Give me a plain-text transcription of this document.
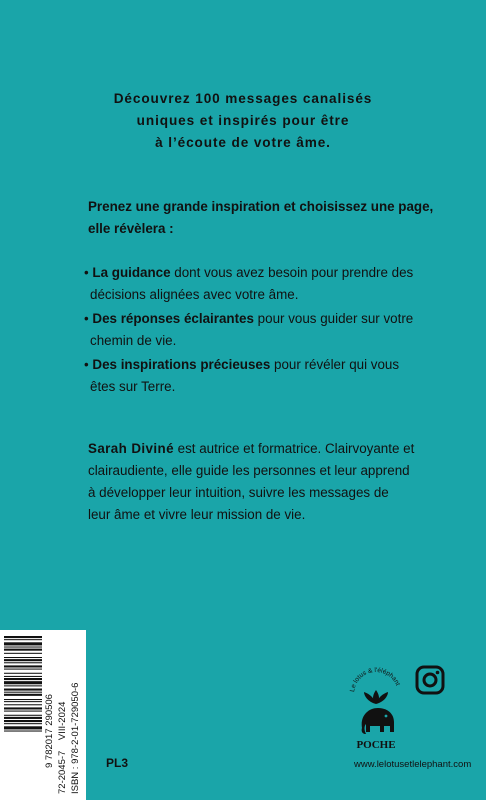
Découvrez 100 messages canalisés
uniques et inspirés pour être
à l’écoute de votre âme.
Prenez une grande inspiration et choisissez une page,
elle révèlera :
• La guidance dont vous avez besoin pour prendre des
décisions alignées avec votre âme.
• Des réponses éclairantes pour vous guider sur votre
chemin de vie.
• Des inspirations précieuses pour révéler qui vous
êtes sur Terre.
Sarah Diviné est autrice et formatrice. Clairvoyante et
clairaudiente, elle guide les personnes et leur apprend
à développer leur intuition, suivre les messages de
leur âme et vivre leur mission de vie.
9 782017 290506
72-2045-7    VIII-2024 ISBN : 978-2-01-729050-6 PL3
Le lotus & l'éléphant
POCHE
www.lelotusetlelephant.com
